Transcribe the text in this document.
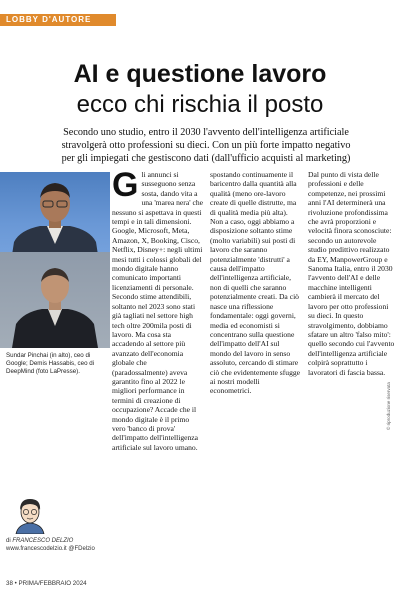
LOBBY D'AUTORE
AI e questione lavoro
ecco chi rischia il posto
Secondo uno studio, entro il 2030 l'avvento dell'intelligenza artificiale stravolgerà otto professioni su dieci. Con un più forte impatto negativo per gli impiegati che gestiscono dati (dall'ufficio acquisti al marketing)
Sundar Pinchai (in alto), ceo di Google; Demis Hassabis, ceo di DeepMind (foto LaPresse).
di FRANCESCO DELZIO
www.francescodelzio.it @FDelzio
G li annunci si susseguono senza sosta, dando vita a una 'marea nera' che nessuno si aspettava in questi tempi e in tali dimensioni. Google, Microsoft, Meta, Amazon, X, Booking, Cisco, Netflix, Disney+: negli ultimi mesi tutti i colossi globali del mondo digitale hanno comunicato importanti licenziamenti di personale. Secondo stime attendibili, soltanto nel 2023 sono stati già tagliati nel settore high tech oltre 200mila posti di lavoro. Ma cosa sta accadendo al settore più avanzato dell'economia globale che (paradossalmente) aveva garantito fino al 2022 le migliori performance in termini di creazione di occupazione? Accade che il mondo digitale è il primo vero 'banco di prova' dell'impatto dell'intelligenza artificiale sul lavoro umano.

spostando continuamente il baricentro dalla quantità alla qualità (meno ore-lavoro create di quelle distrutte, ma di qualità media più alta). Non a caso, oggi abbiamo a disposizione soltanto stime (molto variabili) sui posti di lavoro che saranno potenzialmente 'distrutti' a causa dell'impatto dell'intelligenza artificiale, non di quelli che saranno potenzialmente creati. Da ciò nasce una riflessione fondamentale: oggi governi, media ed economisti si concentrano sulla questione dell'impatto dell'AI sul mondo del lavoro in senso assoluto, cercando di stimare ciò che evidentemente sfugge ai nostri modelli econometrici.

Dal punto di vista delle professioni e delle competenze, nei prossimi anni l'AI determinerà una rivoluzione profondissima che avrà proporzioni e velocità finora sconosciute: secondo un autorevole studio predittivo realizzato da EY, ManpowerGroup e Sanoma Italia, entro il 2030 l'avvento dell'AI e delle macchine intelligenti cambierà il mercato del lavoro per otto professioni su dieci. In questo stravolgimento, dobbiamo sfatare un altro 'falso mito': quello secondo cui l'avvento dell'intelligenza artificiale colpirà soprattutto i lavoratori di fascia bassa.

© riproduzione riservata
38 • PRIMA/FEBBRAIO 2024
